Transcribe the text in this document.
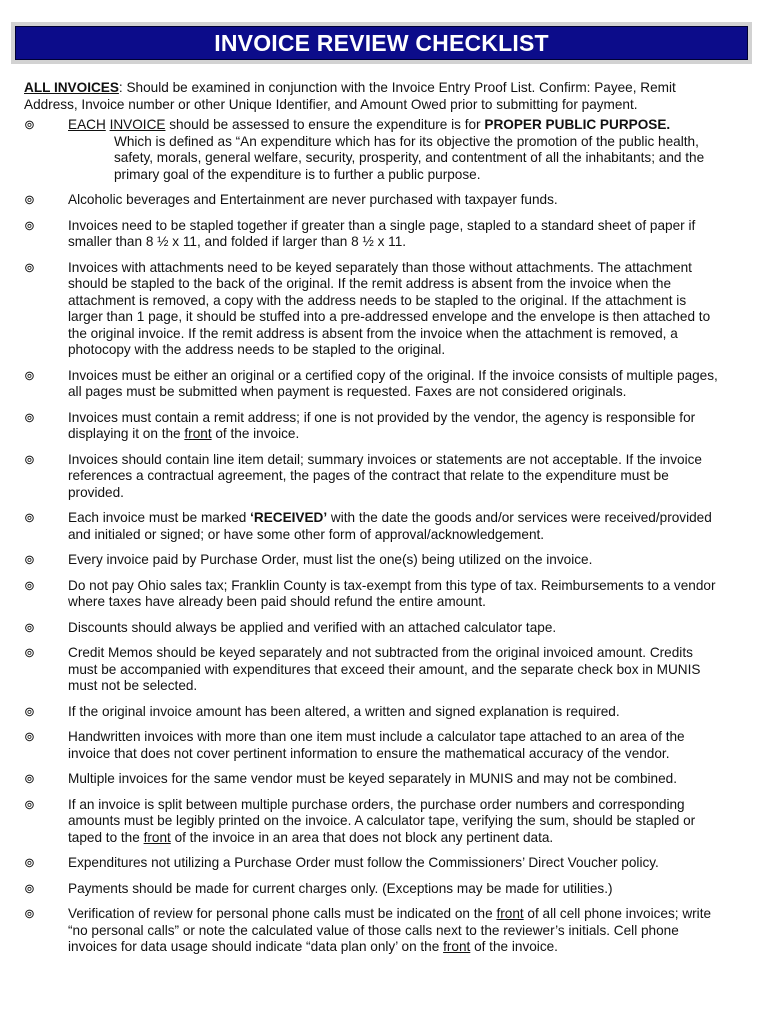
INVOICE REVIEW CHECKLIST

ALL INVOICES: Should be examined in conjunction with the Invoice Entry Proof List. Confirm: Payee, Remit Address, Invoice number or other Unique Identifier, and Amount Owed prior to submitting for payment.

⊚ EACH INVOICE should be assessed to ensure the expenditure is for PROPER PUBLIC PURPOSE.
Which is defined as “An expenditure which has for its objective the promotion of the public health, safety, morals, general welfare, security, prosperity, and contentment of all the inhabitants; and the primary goal of the expenditure is to further a public purpose.
⊚ Alcoholic beverages and Entertainment are never purchased with taxpayer funds.
⊚ Invoices need to be stapled together if greater than a single page, stapled to a standard sheet of paper if smaller than 8 ½ x 11, and folded if larger than 8 ½ x 11.
⊚ Invoices with attachments need to be keyed separately than those without attachments. The attachment should be stapled to the back of the original. If the remit address is absent from the invoice when the attachment is removed, a copy with the address needs to be stapled to the original. If the attachment is larger than 1 page, it should be stuffed into a pre-addressed envelope and the envelope is then attached to the original invoice. If the remit address is absent from the invoice when the attachment is removed, a photocopy with the address needs to be stapled to the original.
⊚ Invoices must be either an original or a certified copy of the original. If the invoice consists of multiple pages, all pages must be submitted when payment is requested. Faxes are not considered originals.
⊚ Invoices must contain a remit address; if one is not provided by the vendor, the agency is responsible for displaying it on the front of the invoice.
⊚ Invoices should contain line item detail; summary invoices or statements are not acceptable. If the invoice references a contractual agreement, the pages of the contract that relate to the expenditure must be provided.
⊚ Each invoice must be marked ‘RECEIVED’ with the date the goods and/or services were received/provided and initialed or signed; or have some other form of approval/acknowledgement.
⊚ Every invoice paid by Purchase Order, must list the one(s) being utilized on the invoice.
⊚ Do not pay Ohio sales tax; Franklin County is tax-exempt from this type of tax. Reimbursements to a vendor where taxes have already been paid should refund the entire amount.
⊚ Discounts should always be applied and verified with an attached calculator tape.
⊚ Credit Memos should be keyed separately and not subtracted from the original invoiced amount. Credits must be accompanied with expenditures that exceed their amount, and the separate check box in MUNIS must not be selected.
⊚ If the original invoice amount has been altered, a written and signed explanation is required.
⊚ Handwritten invoices with more than one item must include a calculator tape attached to an area of the invoice that does not cover pertinent information to ensure the mathematical accuracy of the vendor.
⊚ Multiple invoices for the same vendor must be keyed separately in MUNIS and may not be combined.
⊚ If an invoice is split between multiple purchase orders, the purchase order numbers and corresponding amounts must be legibly printed on the invoice. A calculator tape, verifying the sum, should be stapled or taped to the front of the invoice in an area that does not block any pertinent data.
⊚ Expenditures not utilizing a Purchase Order must follow the Commissioners’ Direct Voucher policy.
⊚ Payments should be made for current charges only. (Exceptions may be made for utilities.)
⊚ Verification of review for personal phone calls must be indicated on the front of all cell phone invoices; write “no personal calls” or note the calculated value of those calls next to the reviewer’s initials. Cell phone invoices for data usage should indicate “data plan only’ on the front of the invoice.
